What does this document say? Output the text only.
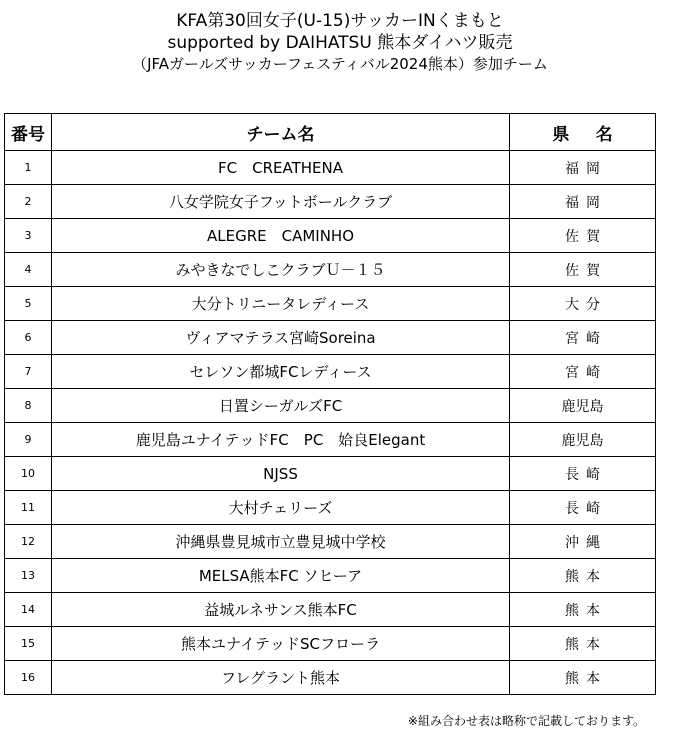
KFA第30回女子(U-15)サッカーINくまもと
supported by DAIHATSU 熊本ダイハツ販売
（JFAガールズサッカーフェスティバル2024熊本）参加チーム
番号	チーム名	県 名
1	FC　CREATHENA	福岡
2	八女学院女子フットボールクラブ	福岡
3	ALEGRE　CAMINHO	佐賀
4	みやきなでしこクラブＵ－１５	佐賀
5	大分トリニータレディース	大分
6	ヴィアマテラス宮崎Soreina	宮崎
7	セレソン都城FCレディース	宮崎
8	日置シーガルズFC	鹿児島
9	鹿児島ユナイテッドFC　PC　姶良Elegant	鹿児島
10	NJSS	長崎
11	大村チェリーズ	長崎
12	沖縄県豊見城市立豊見城中学校	沖縄
13	MELSA熊本FC ソヒーア	熊本
14	益城ルネサンス熊本FC	熊本
15	熊本ユナイテッドSCフローラ	熊本
16	フレグラント熊本	熊本
※組み合わせ表は略称で記載しております。
